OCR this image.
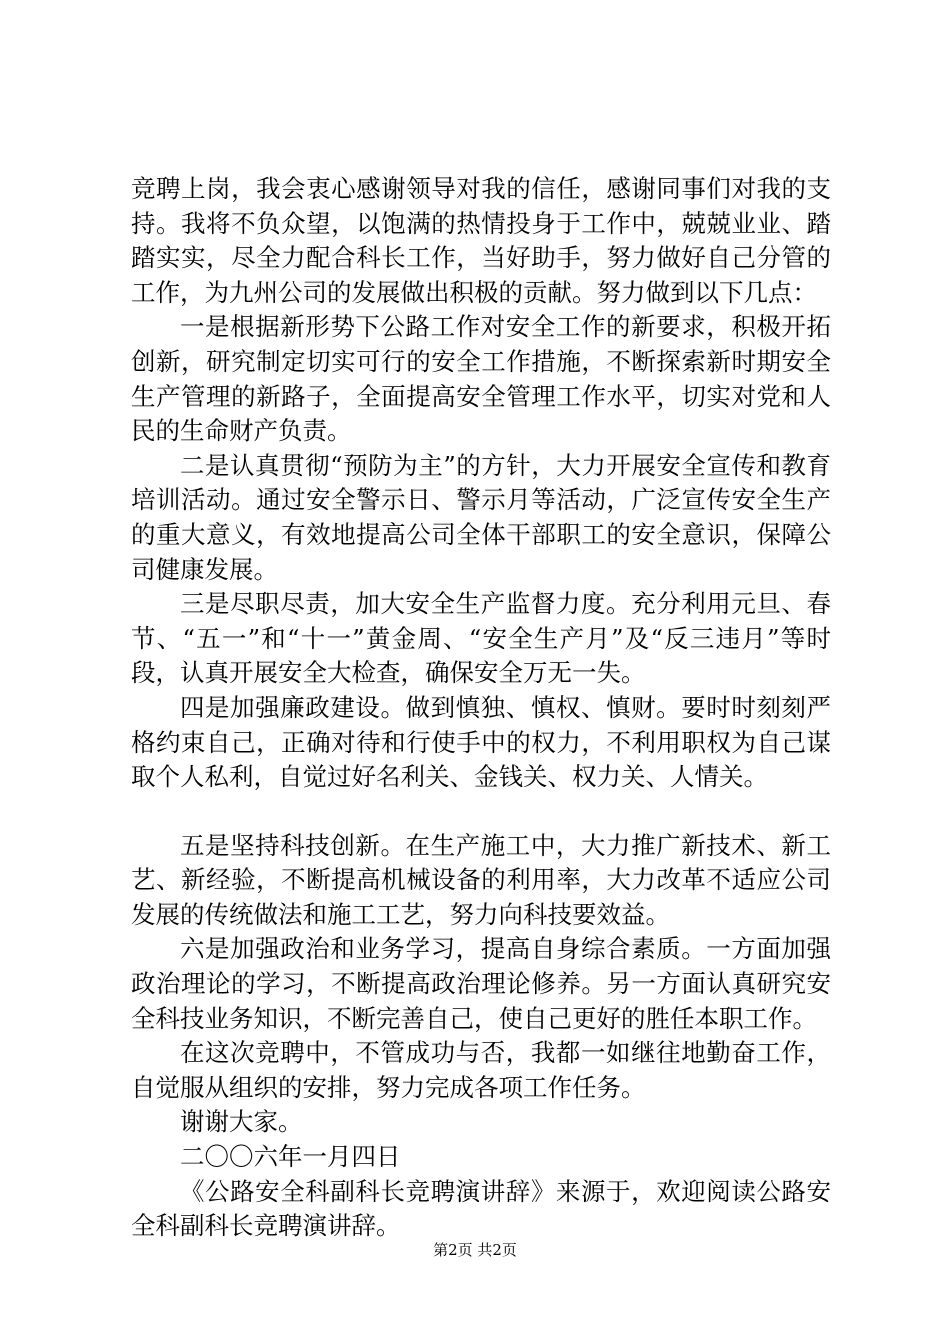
竞聘上岗，我会衷心感谢领导对我的信任，感谢同事们对我的支持。我将不负众望，以饱满的热情投身于工作中，兢兢业业、踏踏实实，尽全力配合科长工作，当好助手，努力做好自己分管的工作，为九州公司的发展做出积极的贡献。努力做到以下几点：

一是根据新形势下公路工作对安全工作的新要求，积极开拓创新，研究制定切实可行的安全工作措施，不断探索新时期安全生产管理的新路子，全面提高安全管理工作水平，切实对党和人民的生命财产负责。

二是认真贯彻“预防为主”的方针，大力开展安全宣传和教育培训活动。通过安全警示日、警示月等活动，广泛宣传安全生产的重大意义，有效地提高公司全体干部职工的安全意识，保障公司健康发展。

三是尽职尽责，加大安全生产监督力度。充分利用元旦、春节、“五一”和“十一”黄金周、“安全生产月”及“反三违月”等时段，认真开展安全大检查，确保安全万无一失。

四是加强廉政建设。做到慎独、慎权、慎财。要时时刻刻严格约束自己，正确对待和行使手中的权力，不利用职权为自己谋取个人私利，自觉过好名利关、金钱关、权力关、人情关。

五是坚持科技创新。在生产施工中，大力推广新技术、新工艺、新经验，不断提高机械设备的利用率，大力改革不适应公司发展的传统做法和施工工艺，努力向科技要效益。

六是加强政治和业务学习，提高自身综合素质。一方面加强政治理论的学习，不断提高政治理论修养。另一方面认真研究安全科技业务知识，不断完善自己，使自己更好的胜任本职工作。

在这次竞聘中，不管成功与否，我都一如继往地勤奋工作，自觉服从组织的安排，努力完成各项工作任务。

谢谢大家。

二〇〇六年一月四日

《公路安全科副科长竞聘演讲辞》来源于，欢迎阅读公路安全科副科长竞聘演讲辞。

第2页 共2页
